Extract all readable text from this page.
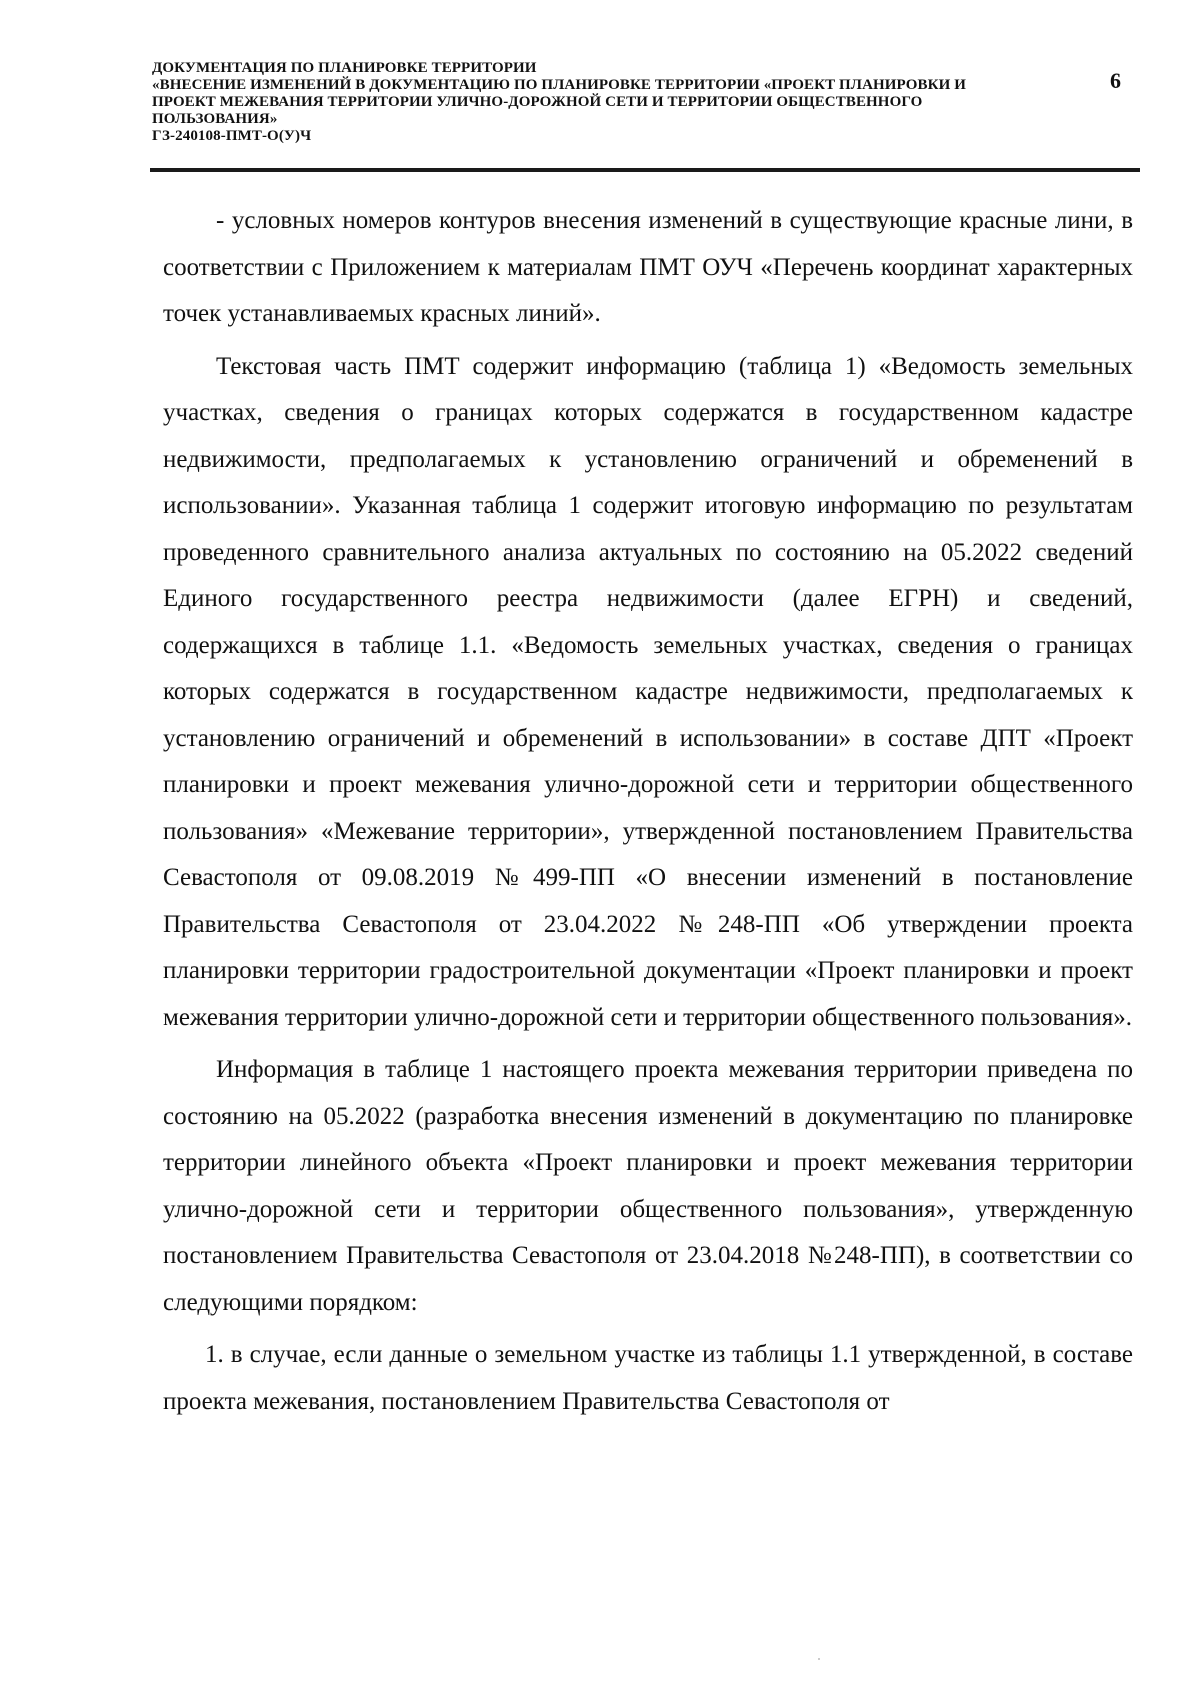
ДОКУМЕНТАЦИЯ ПО ПЛАНИРОВКЕ ТЕРРИТОРИИ
«ВНЕСЕНИЕ ИЗМЕНЕНИЙ В ДОКУМЕНТАЦИЮ ПО ПЛАНИРОВКЕ ТЕРРИТОРИИ «ПРОЕКТ ПЛАНИРОВКИ И
ПРОЕКТ МЕЖЕВАНИЯ ТЕРРИТОРИИ УЛИЧНО-ДОРОЖНОЙ СЕТИ И ТЕРРИТОРИИ ОБЩЕСТВЕННОГО
ПОЛЬЗОВАНИЯ»
ГЗ-240108-ПМТ-О(У)Ч
6

- условных номеров контуров внесения изменений в существующие красные лини, в соответствии с Приложением к материалам ПМТ ОУЧ «Перечень координат характерных точек устанавливаемых красных линий».

Текстовая часть ПМТ содержит информацию (таблица 1) «Ведомость земельных участках, сведения о границах которых содержатся в государственном кадастре недвижимости, предполагаемых к установлению ограничений и обременений в использовании». Указанная таблица 1 содержит итоговую информацию по результатам проведенного сравнительного анализа актуальных по состоянию на 05.2022 сведений Единого государственного реестра недвижимости (далее ЕГРН) и сведений, содержащихся в таблице 1.1. «Ведомость земельных участках, сведения о границах которых содержатся в государственном кадастре недвижимости, предполагаемых к установлению ограничений и обременений в использовании» в составе ДПТ «Проект планировки и проект межевания улично-дорожной сети и территории общественного пользования» «Межевание территории», утвержденной постановлением Правительства Севастополя от 09.08.2019 №499-ПП «О внесении изменений в постановление Правительства Севастополя от 23.04.2022 №248-ПП «Об утверждении проекта планировки территории градостроительной документации «Проект планировки и проект межевания территории улично-дорожной сети и территории общественного пользования».

Информация в таблице 1 настоящего проекта межевания территории приведена по состоянию на 05.2022 (разработка внесения изменений в документацию по планировке территории линейного объекта «Проект планировки и проект межевания территории улично-дорожной сети и территории общественного пользования», утвержденную постановлением Правительства Севастополя от 23.04.2018 №248-ПП), в соответствии со следующими порядком:

1. в случае, если данные о земельном участке из таблицы 1.1 утвержденной, в составе проекта межевания, постановлением Правительства Севастополя от
